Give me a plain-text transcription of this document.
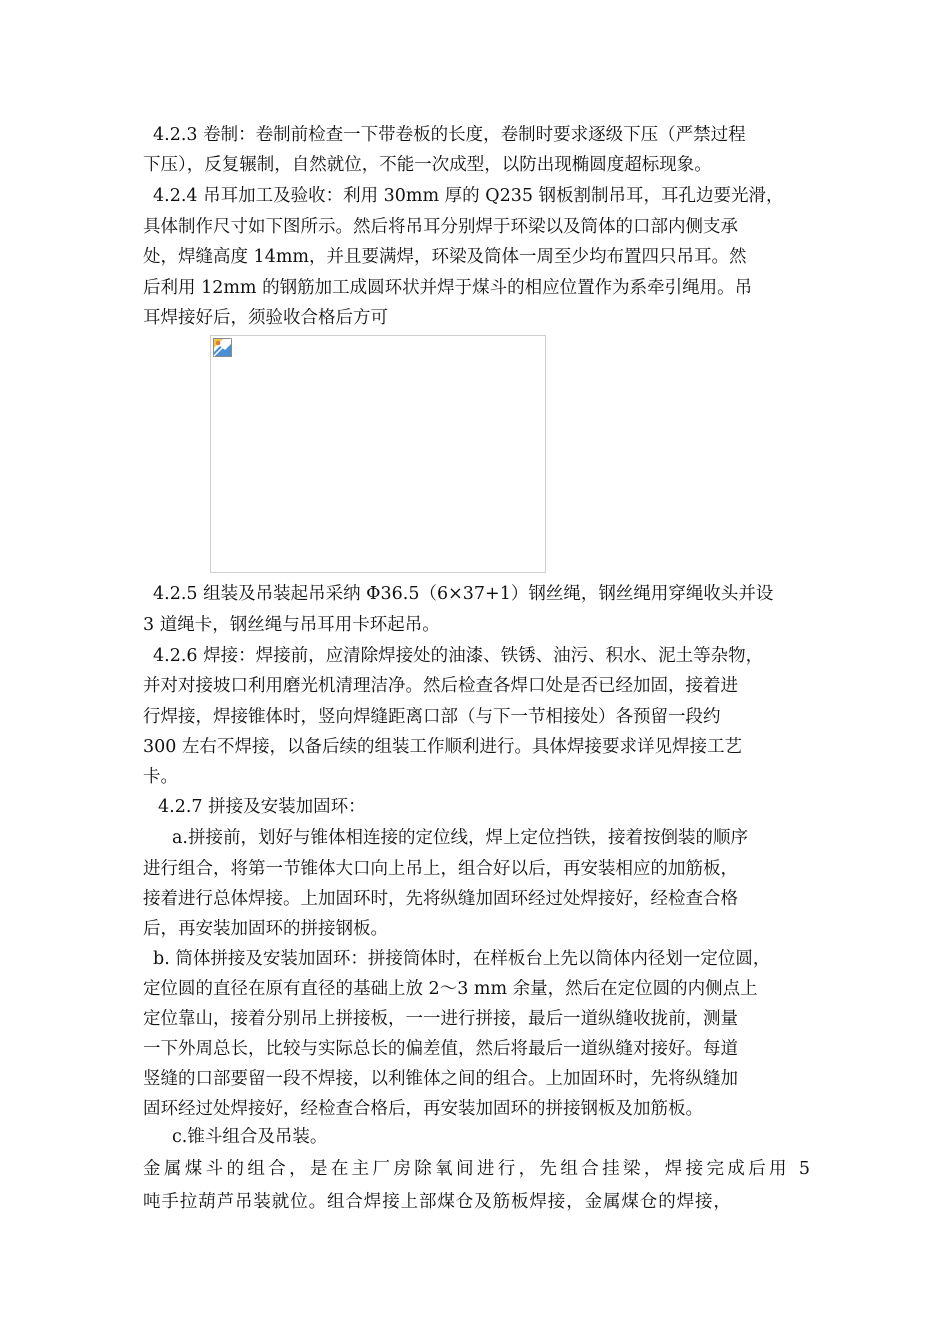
4.2.3 卷制：卷制前检查一下带卷板的长度，卷制时要求逐级下压（严禁过程
下压），反复辗制，自然就位，不能一次成型，以防出现椭圆度超标现象。
4.2.4 吊耳加工及验收：利用 30mm 厚的 Q235 钢板割制吊耳，耳孔边要光滑，
具体制作尺寸如下图所示。然后将吊耳分别焊于环梁以及筒体的口部内侧支承
处，焊缝高度 14mm，并且要满焊，环梁及筒体一周至少均布置四只吊耳。然
后利用 12mm 的钢筋加工成圆环状并焊于煤斗的相应位置作为系牵引绳用。吊
耳焊接好后，须验收合格后方可
4.2.5 组装及吊装起吊采纳 Φ36.5（6×37+1）钢丝绳，钢丝绳用穿绳收头并设
3 道绳卡，钢丝绳与吊耳用卡环起吊。
4.2.6 焊接：焊接前，应清除焊接处的油漆、铁锈、油污、积水、泥土等杂物，
并对对接坡口利用磨光机清理洁净。然后检查各焊口处是否已经加固，接着进
行焊接，焊接锥体时，竖向焊缝距离口部（与下一节相接处）各预留一段约
300 左右不焊接，以备后续的组装工作顺利进行。具体焊接要求详见焊接工艺
卡。
4.2.7 拼接及安装加固环：
a.拼接前，划好与锥体相连接的定位线，焊上定位挡铁，接着按倒装的顺序
进行组合，将第一节锥体大口向上吊上，组合好以后，再安装相应的加筋板，
接着进行总体焊接。上加固环时，先将纵缝加固环经过处焊接好，经检查合格
后，再安装加固环的拼接钢板。
b. 筒体拼接及安装加固环：拼接筒体时，在样板台上先以筒体内径划一定位圆，
定位圆的直径在原有直径的基础上放 2～3 mm 余量，然后在定位圆的内侧点上
定位靠山，接着分别吊上拼接板，一一进行拼接，最后一道纵缝收拢前，测量
一下外周总长，比较与实际总长的偏差值，然后将最后一道纵缝对接好。每道
竖缝的口部要留一段不焊接，以利锥体之间的组合。上加固环时，先将纵缝加
固环经过处焊接好，经检查合格后，再安装加固环的拼接钢板及加筋板。
c.锥斗组合及吊装。
金属煤斗的组合，是在主厂房除氧间进行，先组合挂梁，焊接完成后用 5
吨手拉葫芦吊装就位。组合焊接上部煤仓及筋板焊接，金属煤仓的焊接，
